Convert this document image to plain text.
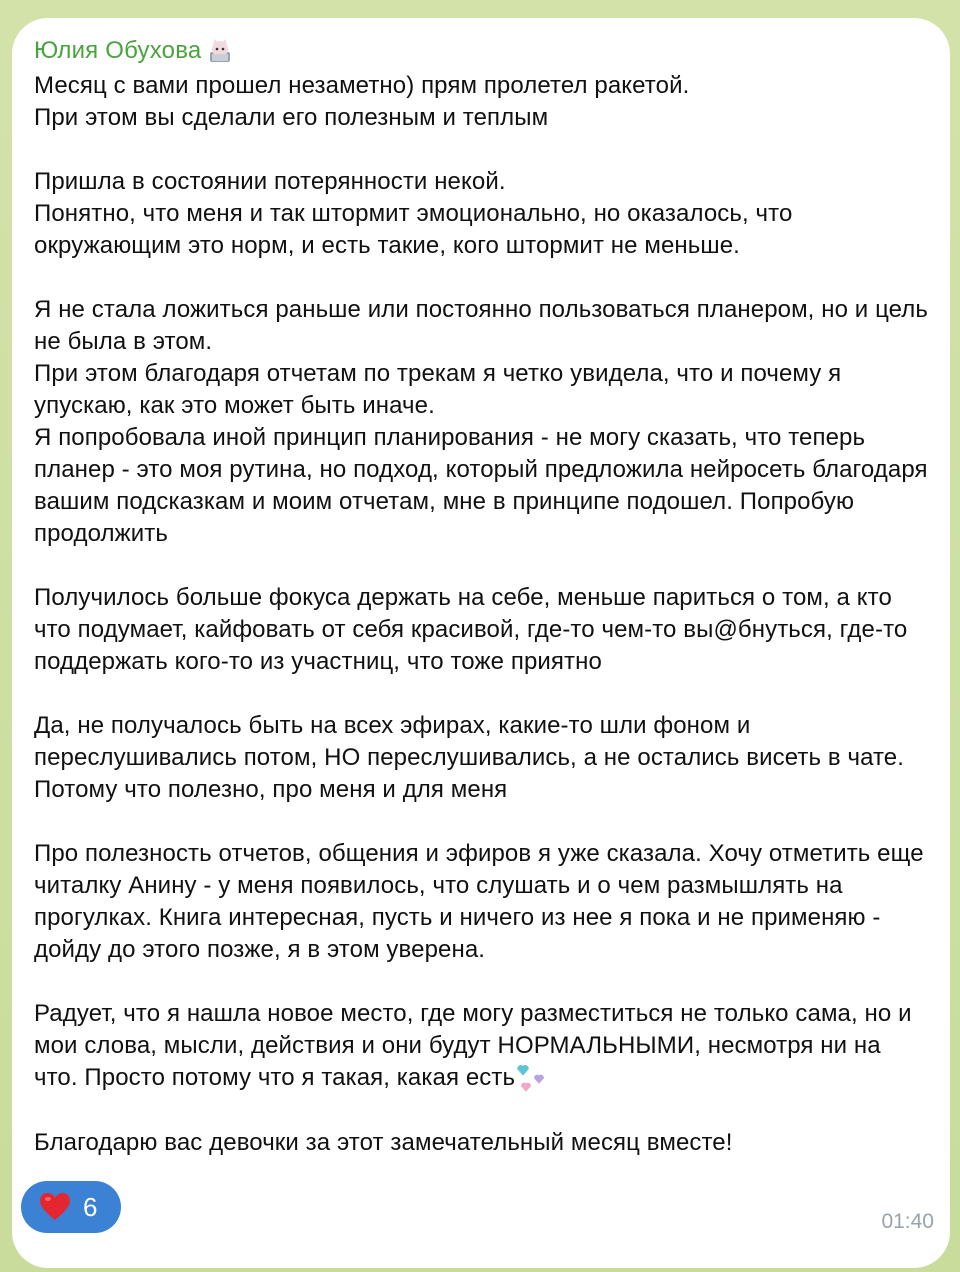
Юлия Обухова
Месяц с вами прошел незаметно) прям пролетел ракетой.
При этом вы сделали его полезным и теплым

Пришла в состоянии потерянности некой.
Понятно, что меня и так штормит эмоционально, но оказалось, что окружающим это норм, и есть такие, кого штормит не меньше.

Я не стала ложиться раньше или постоянно пользоваться планером, но и цель не была в этом.
При этом благодаря отчетам по трекам я четко увидела, что и почему я упускаю, как это может быть иначе.
Я попробовала иной принцип планирования - не могу сказать, что теперь планер - это моя рутина, но подход, который предложила нейросеть благодаря вашим подсказкам и моим отчетам, мне в принципе подошел. Попробую продолжить

Получилось больше фокуса держать на себе, меньше париться о том, а кто что подумает, кайфовать от себя красивой, где-то чем-то вы@бнуться, где-то поддержать кого-то из участниц, что тоже приятно

Да, не получалось быть на всех эфирах, какие-то шли фоном и переслушивались потом, НО переслушивались, а не остались висеть в чате. Потому что полезно, про меня и для меня

Про полезность отчетов, общения и эфиров я уже сказала. Хочу отметить еще читалку Анину - у меня появилось, что слушать и о чем размышлять на прогулках. Книга интересная, пусть и ничего из нее я пока и не применяю - дойду до этого позже, я в этом уверена.

Радует, что я нашла новое место, где могу разместиться не только сама, но и мои слова, мысли, действия и они будут НОРМАЛЬНЫМИ, несмотря ни на что. Просто потому что я такая, какая есть

Благодарю вас девочки за этот замечательный месяц вместе!
6	01:40
